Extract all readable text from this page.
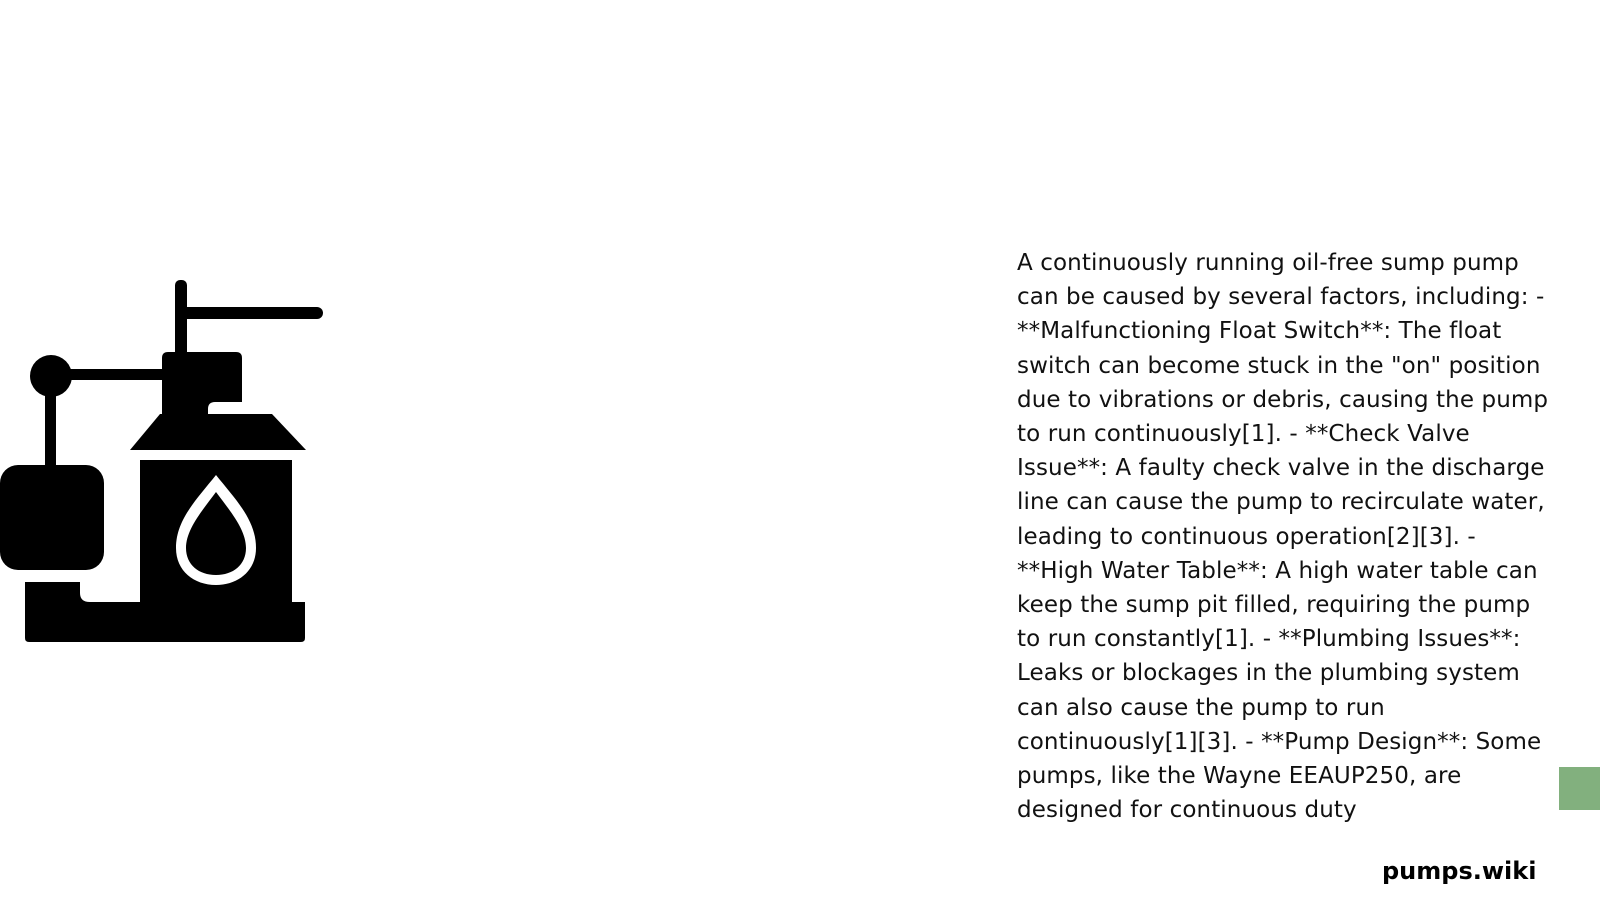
A continuously running oil-free sump pump can be caused by several factors, including: - **Malfunctioning Float Switch**: The float switch can become stuck in the "on" position due to vibrations or debris, causing the pump to run continuously[1]. - **Check Valve Issue**: A faulty check valve in the discharge line can cause the pump to recirculate water, leading to continuous operation[2][3]. - **High Water Table**: A high water table can keep the sump pit filled, requiring the pump to run constantly[1]. - **Plumbing Issues**: Leaks or blockages in the plumbing system can also cause the pump to run continuously[1][3]. - **Pump Design**: Some pumps, like the Wayne EEAUP250, are designed for continuous duty

pumps.wiki
